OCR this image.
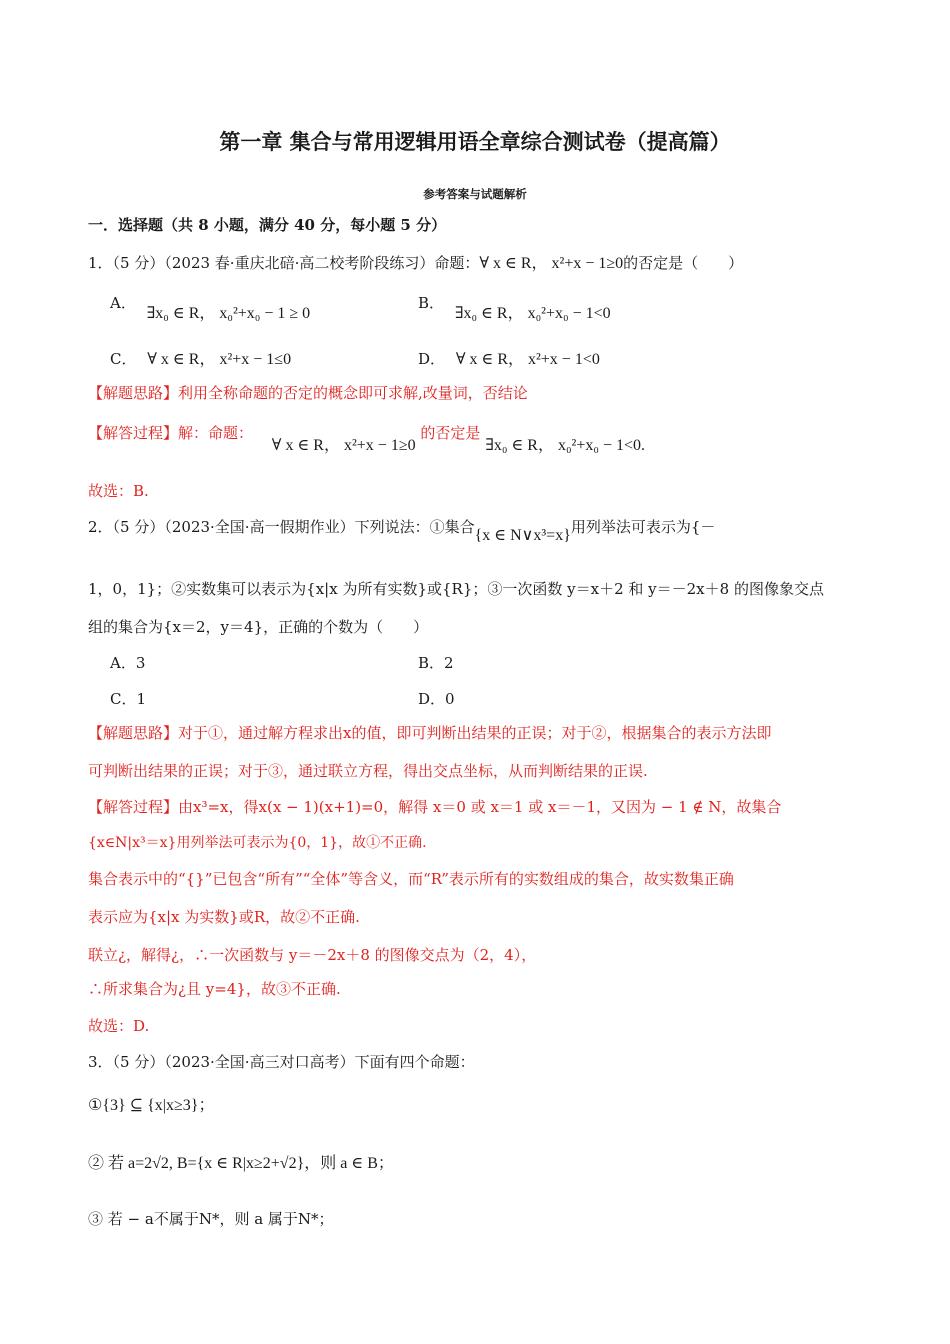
第一章 集合与常用逻辑用语全章综合测试卷（提高篇）
参考答案与试题解析
一．选择题（共 8 小题，满分 40 分，每小题 5 分）
1．（5 分）（2023 春·重庆北碚·高二校考阶段练习）命题：∀ x ∈ R， x²+x − 1≥0的否定是（　　）
A． ∃x₀ ∈ R， x₀²+x₀ − 1 ≥ 0
B． ∃x₀ ∈ R， x₀²+x₀ − 1<0
C． ∀ x ∈ R， x²+x − 1≤0	D． ∀ x ∈ R， x²+x − 1<0
【解题思路】利用全称命题的否定的概念即可求解,改量词，否结论
【解答过程】解：命题： ∀ x ∈ R， x²+x − 1≥0 的否定是 ∃x₀ ∈ R， x₀²+x₀ − 1<0.
故选：B.
2．（5 分）（2023·全国·高一假期作业）下列说法：①集合{x ∈ N∨x³=x}用列举法可表示为{－
1，0，1}；②实数集可以表示为{x|x 为所有实数}或{R}；③一次函数 y＝x＋2 和 y＝－2x＋8 的图像象交点
组的集合为{x＝2，y＝4}，正确的个数为（　　）
A．3	B．2
C．1	D．0
【解题思路】对于①，通过解方程求出x的值，即可判断出结果的正误；对于②，根据集合的表示方法即
可判断出结果的正误；对于③，通过联立方程，得出交点坐标，从而判断结果的正误.
【解答过程】由x³=x，得x(x − 1)(x+1)=0，解得 x＝0 或 x＝1 或 x＝－1，又因为 − 1 ∉ N，故集合
{x∈N|x³＝x}用列举法可表示为{0，1}，故①不正确.
集合表示中的“{}”已包含“所有”“全体”等含义，而“R”表示所有的实数组成的集合，故实数集正确
表示应为{x|x 为实数}或R，故②不正确.
联立¿，解得¿，∴一次函数与 y＝－2x＋8 的图像交点为（2，4），
∴所求集合为¿且 y=4}，故③不正确.
故选：D.
3．（5 分）（2023·全国·高三对口高考）下面有四个命题：
①{3} ⊆ {x|x≥3}；
② 若 a=2√2, B={x ∈ R|x≥2+√2}，则 a ∈ B；
③ 若 − a不属于N*，则 a 属于N*；
